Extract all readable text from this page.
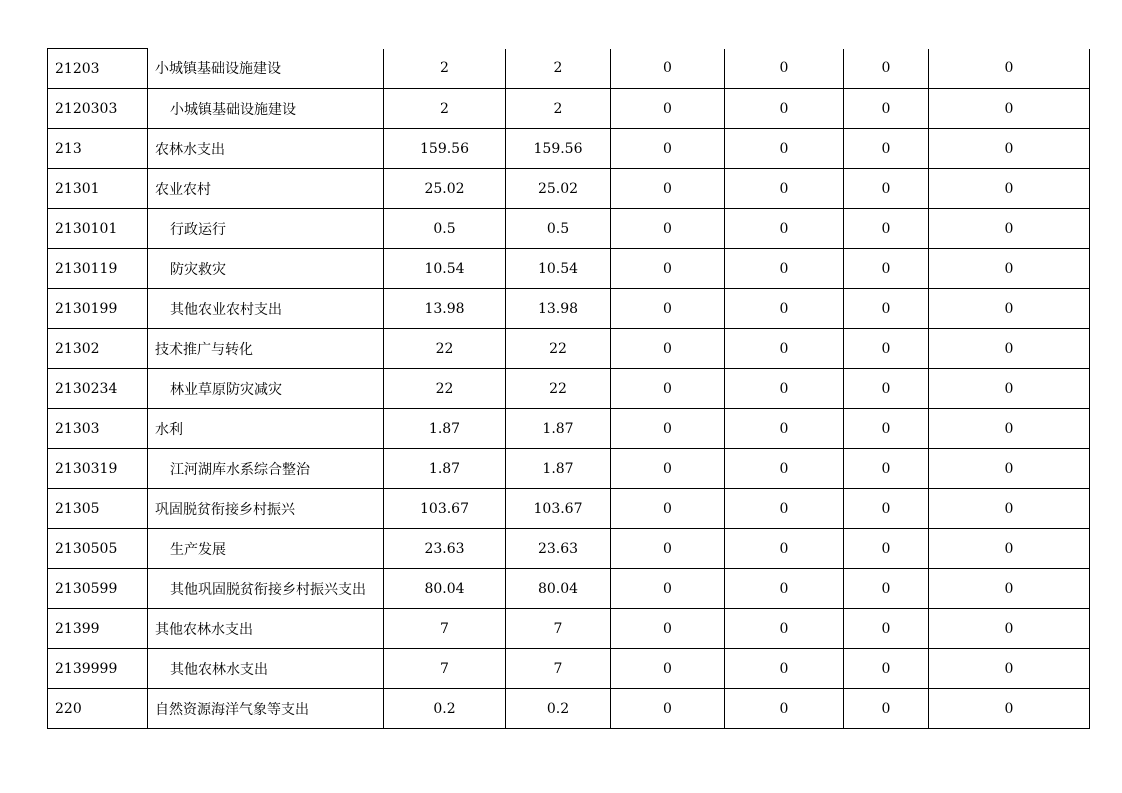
21203	小城镇基础设施建设	2	2	0	0	0	0
2120303	小城镇基础设施建设	2	2	0	0	0	0
213	农林水支出	159.56	159.56	0	0	0	0
21301	农业农村	25.02	25.02	0	0	0	0
2130101	行政运行	0.5	0.5	0	0	0	0
2130119	防灾救灾	10.54	10.54	0	0	0	0
2130199	其他农业农村支出	13.98	13.98	0	0	0	0
21302	技术推广与转化	22	22	0	0	0	0
2130234	林业草原防灾减灾	22	22	0	0	0	0
21303	水利	1.87	1.87	0	0	0	0
2130319	江河湖库水系综合整治	1.87	1.87	0	0	0	0
21305	巩固脱贫衔接乡村振兴	103.67	103.67	0	0	0	0
2130505	生产发展	23.63	23.63	0	0	0	0
2130599	其他巩固脱贫衔接乡村振兴支出	80.04	80.04	0	0	0	0
21399	其他农林水支出	7	7	0	0	0	0
2139999	其他农林水支出	7	7	0	0	0	0
220	自然资源海洋气象等支出	0.2	0.2	0	0	0	0
